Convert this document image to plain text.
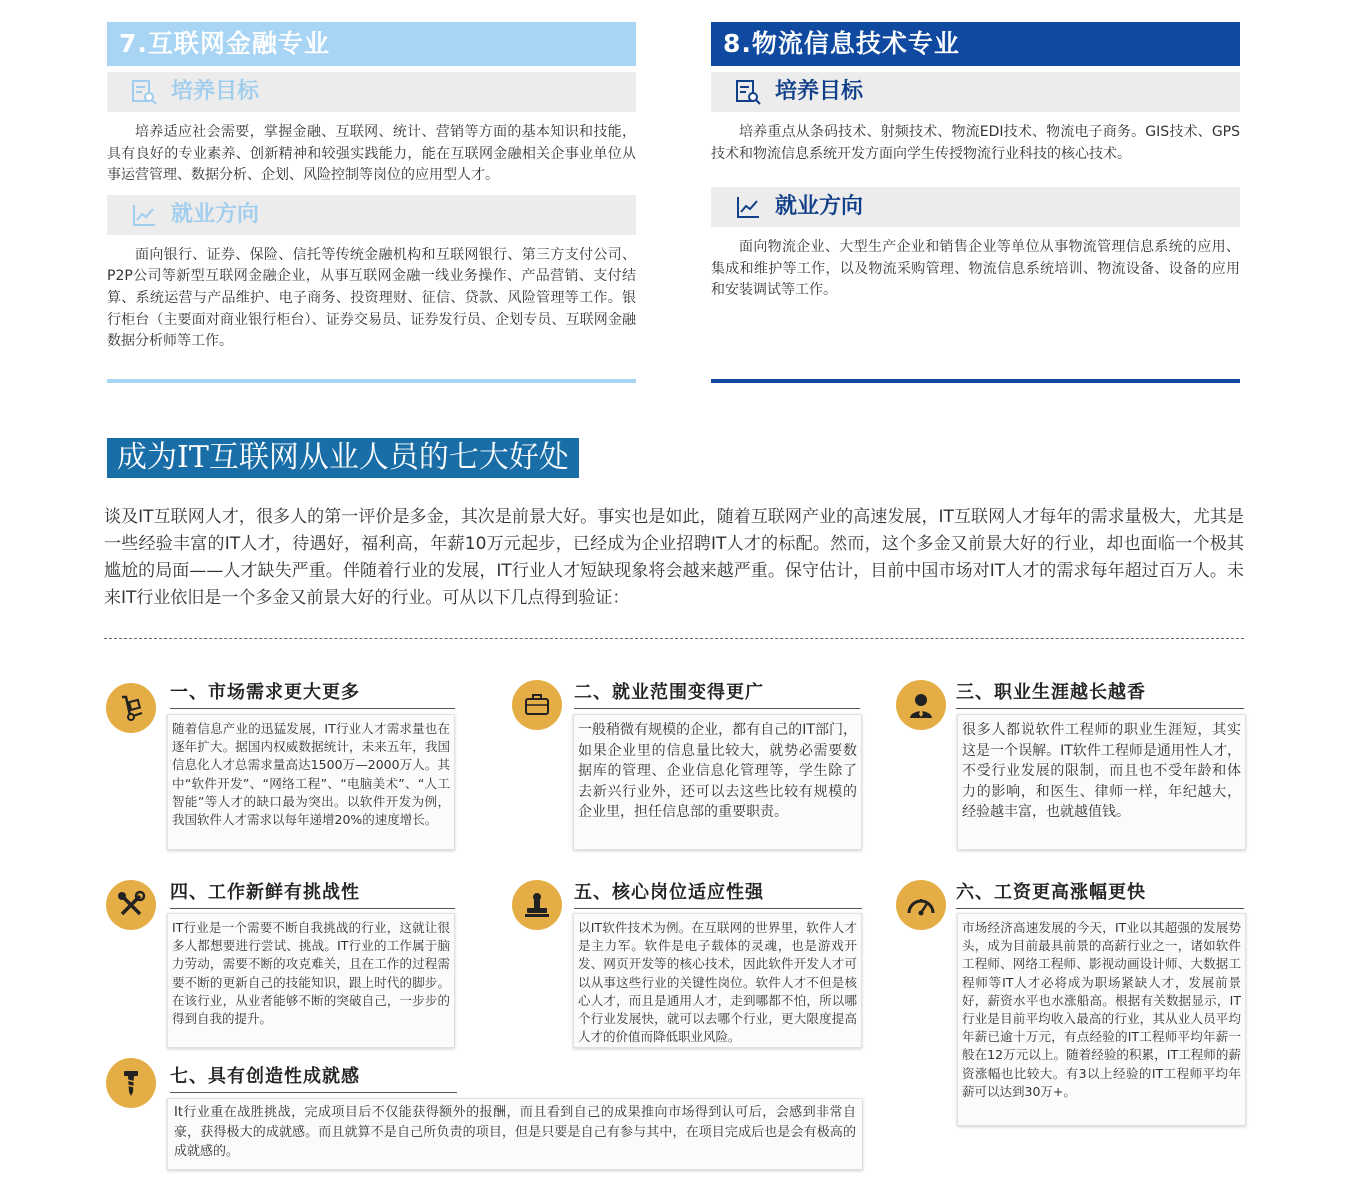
7.互联网金融专业
培养目标

培养适应社会需要，掌握金融、互联网、统计、营销等方面的基本知识和技能，具有良好的专业素养、创新精神和较强实践能力，能在互联网金融相关企事业单位从事运营管理、数据分析、企划、风险控制等岗位的应用型人才。

就业方向

面向银行、证券、保险、信托等传统金融机构和互联网银行、第三方支付公司、P2P公司等新型互联网金融企业，从事互联网金融一线业务操作、产品营销、支付结算、系统运营与产品维护、电子商务、投资理财、征信、贷款、风险管理等工作。银行柜台（主要面对商业银行柜台）、证券交易员、证券发行员、企划专员、互联网金融数据分析师等工作。

8.物流信息技术专业
培养目标

培养重点从条码技术、射频技术、物流EDI技术、物流电子商务。GIS技术、GPS技术和物流信息系统开发方面向学生传授物流行业科技的核心技术。

就业方向

面向物流企业、大型生产企业和销售企业等单位从事物流管理信息系统的应用、集成和维护等工作，以及物流采购管理、物流信息系统培训、物流设备、设备的应用和安装调试等工作。

成为IT互联网从业人员的七大好处

谈及IT互联网人才，很多人的第一评价是多金，其次是前景大好。事实也是如此，随着互联网产业的高速发展，IT互联网人才每年的需求量极大，尤其是一些经验丰富的IT人才，待遇好，福利高，年薪10万元起步，已经成为企业招聘IT人才的标配。然而，这个多金又前景大好的行业，却也面临一个极其尴尬的局面——人才缺失严重。伴随着行业的发展，IT行业人才短缺现象将会越来越严重。保守估计，目前中国市场对IT人才的需求每年超过百万人。未来IT行业依旧是一个多金又前景大好的行业。可从以下几点得到验证：

一、市场需求更大更多
随着信息产业的迅猛发展，IT行业人才需求量也在逐年扩大。据国内权威数据统计，未来五年，我国信息化人才总需求量高达1500万—2000万人。其中“软件开发”、“网络工程”、“电脑美术”、“人工智能”等人才的缺口最为突出。以软件开发为例，我国软件人才需求以每年递增20%的速度增长。
二、就业范围变得更广
一般稍微有规模的企业，都有自己的IT部门，如果企业里的信息量比较大，就势必需要数据库的管理、企业信息化管理等，学生除了去新兴行业外，还可以去这些比较有规模的企业里，担任信息部的重要职责。
三、职业生涯越长越香
很多人都说软件工程师的职业生涯短，其实这是一个误解。IT软件工程师是通用性人才，不受行业发展的限制，而且也不受年龄和体力的影响，和医生、律师一样，年纪越大，经验越丰富，也就越值钱。
四、工作新鲜有挑战性
IT行业是一个需要不断自我挑战的行业，这就让很多人都想要进行尝试、挑战。IT行业的工作属于脑力劳动，需要不断的攻克难关，且在工作的过程需要不断的更新自己的技能知识，跟上时代的脚步。在该行业，从业者能够不断的突破自己，一步步的得到自我的提升。
五、核心岗位适应性强
以IT软件技术为例。在互联网的世界里，软件人才是主力军。软件是电子载体的灵魂，也是游戏开发、网页开发等的核心技术，因此软件开发人才可以从事这些行业的关键性岗位。软件人才不但是核心人才，而且是通用人才，走到哪都不怕，所以哪个行业发展快，就可以去哪个行业，更大限度提高人才的价值而降低职业风险。
六、工资更高涨幅更快
市场经济高速发展的今天，IT业以其超强的发展势头，成为目前最具前景的高薪行业之一，诸如软件工程师、网络工程师、影视动画设计师、大数据工程师等IT人才必将成为职场紧缺人才，发展前景好，薪资水平也水涨船高。根据有关数据显示，IT行业是目前平均收入最高的行业，其从业人员平均年薪已逾十万元，有点经验的IT工程师平均年薪一般在12万元以上。随着经验的积累，IT工程师的薪资涨幅也比较大。有3以上经验的IT工程师平均年薪可以达到30万+。
七、具有创造性成就感
It行业重在战胜挑战，完成项目后不仅能获得额外的报酬，而且看到自己的成果推向市场得到认可后，会感到非常自豪，获得极大的成就感。而且就算不是自己所负责的项目，但是只要是自己有参与其中，在项目完成后也是会有极高的成就感的。
